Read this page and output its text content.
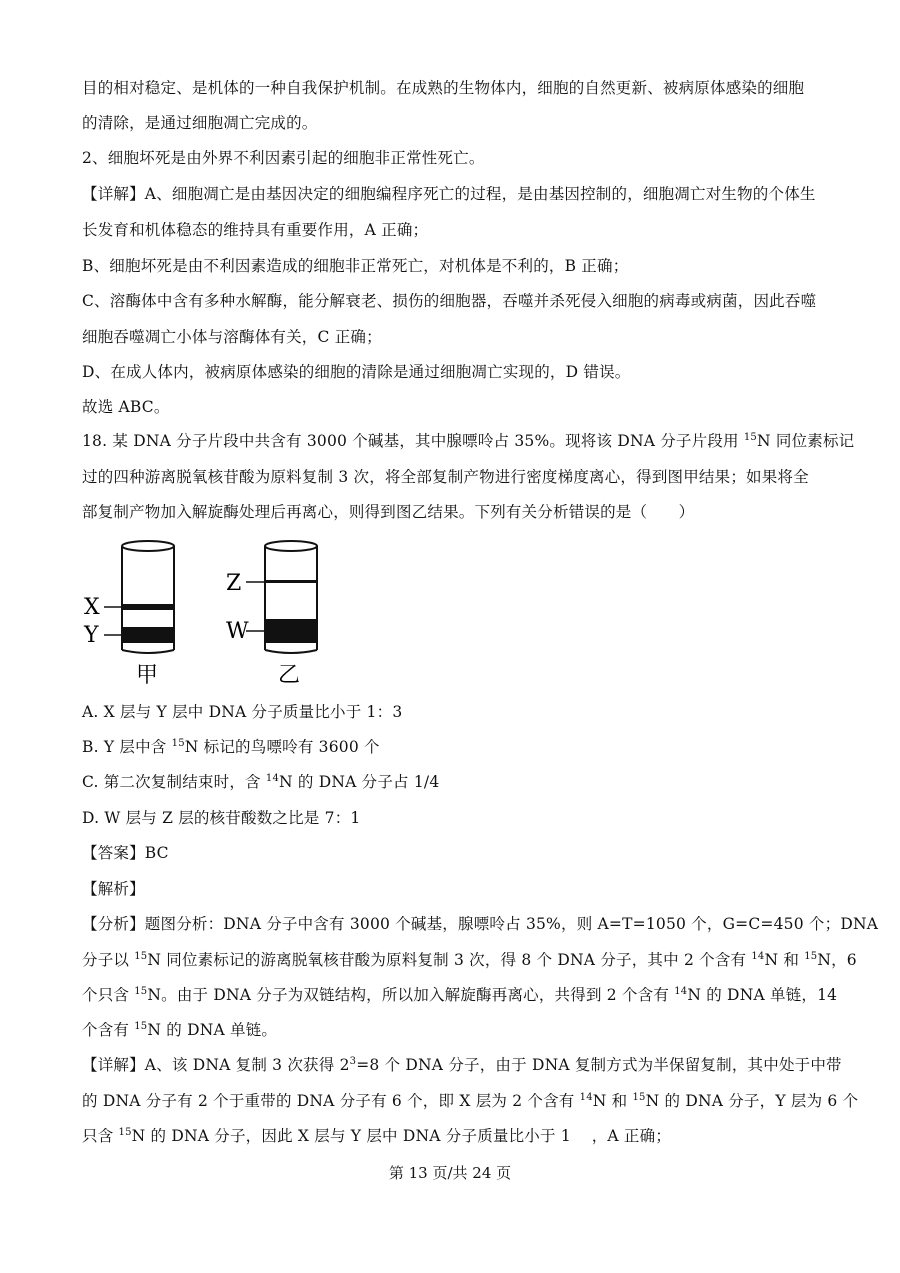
目的相对稳定、是机体的一种自我保护机制。在成熟的生物体内，细胞的自然更新、被病原体感染的细胞
的清除，是通过细胞凋亡完成的。
2、细胞坏死是由外界不利因素引起的细胞非正常性死亡。
【详解】A、细胞凋亡是由基因决定的细胞编程序死亡的过程，是由基因控制的，细胞凋亡对生物的个体生
长发育和机体稳态的维持具有重要作用，A 正确；
B、细胞坏死是由不利因素造成的细胞非正常死亡，对机体是不利的，B 正确；
C、溶酶体中含有多种水解酶，能分解衰老、损伤的细胞器，吞噬并杀死侵入细胞的病毒或病菌，因此吞噬
细胞吞噬凋亡小体与溶酶体有关，C 正确；
D、在成人体内，被病原体感染的细胞的清除是通过细胞凋亡实现的，D 错误。
故选 ABC。
18. 某 DNA 分子片段中共含有 3000 个碱基，其中腺嘌呤占 35%。现将该 DNA 分子片段用 $^{15}$N 同位素标记
过的四种游离脱氧核苷酸为原料复制 3 次，将全部复制产物进行密度梯度离心，得到图甲结果；如果将全
部复制产物加入解旋酶处理后再离心，则得到图乙结果。下列有关分析错误的是（　　）
X
Y
甲
Z
W
乙
A. X 层与 Y 层中 DNA 分子质量比小于 1：3
B. Y 层中含 $^{15}$N 标记的鸟嘌呤有 3600 个
C. 第二次复制结束时，含 $^{14}$N 的 DNA 分子占 1/4
D. W 层与 Z 层的核苷酸数之比是 7：1
【答案】BC
【解析】
【分析】题图分析：DNA 分子中含有 3000 个碱基，腺嘌呤占 35%，则 A=T=1050 个，G=C=450 个；DNA
分子以 $^{15}$N 同位素标记的游离脱氧核苷酸为原料复制 3 次，得 8 个 DNA 分子，其中 2 个含有 $^{14}$N 和 $^{15}$N，6
个只含 $^{15}$N。由于 DNA 分子为双链结构，所以加入解旋酶再离心，共得到 2 个含有 $^{14}$N 的 DNA 单链，14
个含有 $^{15}$N 的 DNA 单链。
【详解】A、该 DNA 复制 3 次获得 $2^3=8$ 个 DNA 分子，由于 DNA 复制方式为半保留复制，其中处于中带
的 DNA 分子有 2 个于重带的 DNA 分子有 6 个，即 X 层为 2 个含有 $^{14}$N 和 $^{15}$N 的 DNA 分子，Y 层为 6 个
只含 $^{15}$N 的 DNA 分子，因此 X 层与 Y 层中 DNA 分子质量比小于 1　 ，A 正确；
第 13 页/共 24 页
